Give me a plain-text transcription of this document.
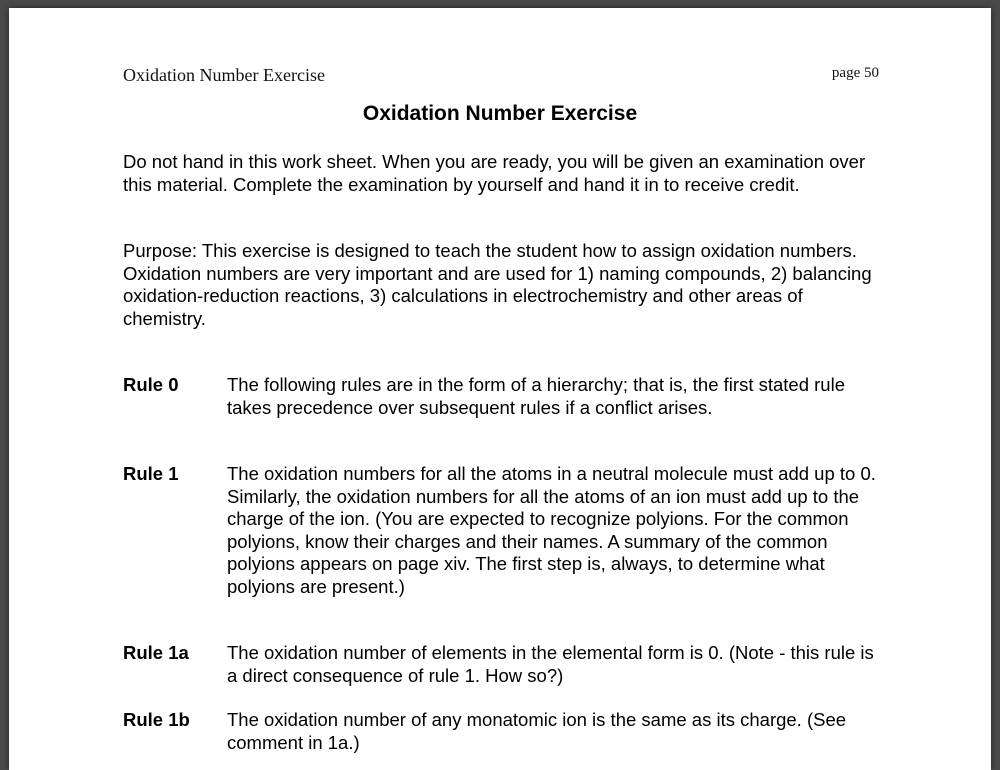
Oxidation Number Exercise	page 50
Oxidation Number Exercise
Do not hand in this work sheet. When you are ready, you will be given an examination over this material. Complete the examination by yourself and hand it in to receive credit.
Purpose: This exercise is designed to teach the student how to assign oxidation numbers. Oxidation numbers are very important and are used for 1) naming compounds, 2) balancing oxidation-reduction reactions, 3) calculations in electrochemistry and other areas of chemistry.
Rule 0	The following rules are in the form of a hierarchy; that is, the first stated rule takes precedence over subsequent rules if a conflict arises.
Rule 1	The oxidation numbers for all the atoms in a neutral molecule must add up to 0. Similarly, the oxidation numbers for all the atoms of an ion must add up to the charge of the ion. (You are expected to recognize polyions. For the common polyions, know their charges and their names. A summary of the common polyions appears on page xiv. The first step is, always, to determine what polyions are present.)
Rule 1a The oxidation number of elements in the elemental form is 0. (Note - this rule is a direct consequence of rule 1. How so?)
Rule 1b The oxidation number of any monatomic ion is the same as its charge. (See comment in 1a.)
